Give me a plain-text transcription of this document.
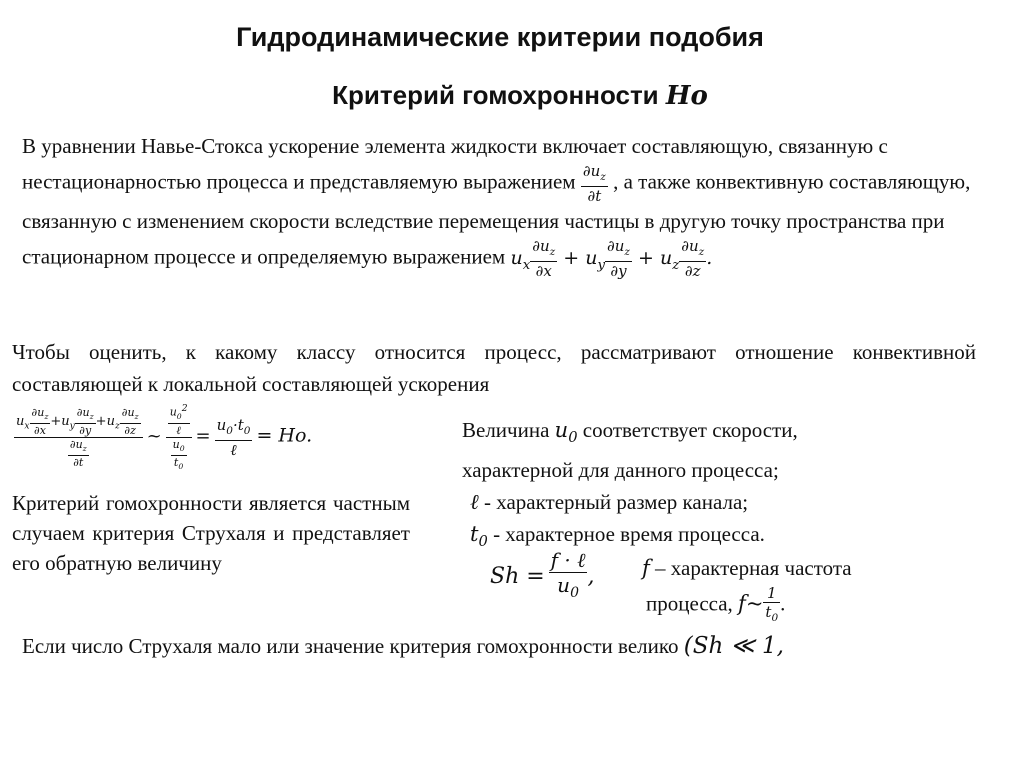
Гидродинамические критерии подобия
Критерий гомохронности Ho
В уравнении Навье-Стокса ускорение элемента жидкости включает составляющую, связанную с нестационарностью процесса и представляемую выражением $\frac{\partial u_z}{\partial t}$ , а также конвективную составляющую, связанную с изменением скорости вследствие перемещения частицы в другую точку пространства при стационарном процессе и определяемую выражением $u_x \frac{\partial u_z}{\partial x} + u_y \frac{\partial u_z}{\partial y} + u_z \frac{\partial u_z}{\partial z}$ .
Чтобы оценить, к какому классу относится процесс, рассматривают отношение конвективной составляющей к локальной составляющей ускорения
$\frac{u_x \frac{\partial u_z}{\partial x} +u_y \frac{\partial u_z}{\partial y} +u_z \frac{\partial u_z}{\partial z}}{\frac{\partial u_z}{\partial t}}$ ~ $\frac{\frac{u_0^2}{\text{ℓ}}}{\frac{u_0}{t_0}} = \frac{u_0\cdot t_0}{\text{ℓ}} = Ho$.
Критерий гомохронности является частным случаем критерия Струхаля и представляет его обратную величину
Величина $u_0$ соответствует скорости,
характерной для данного процесса;
ℓ - характерный размер канала;
$t_0$ - характерное время процесса.
$Sh = \frac{\text{f · ℓ}}{u_0}$ ,	f – характерная частота
процесса, f~ $\frac{1}{t_0}$ .
Если число Струхаля мало или значение критерия гомохронности велико (Sh ≪ 1,
